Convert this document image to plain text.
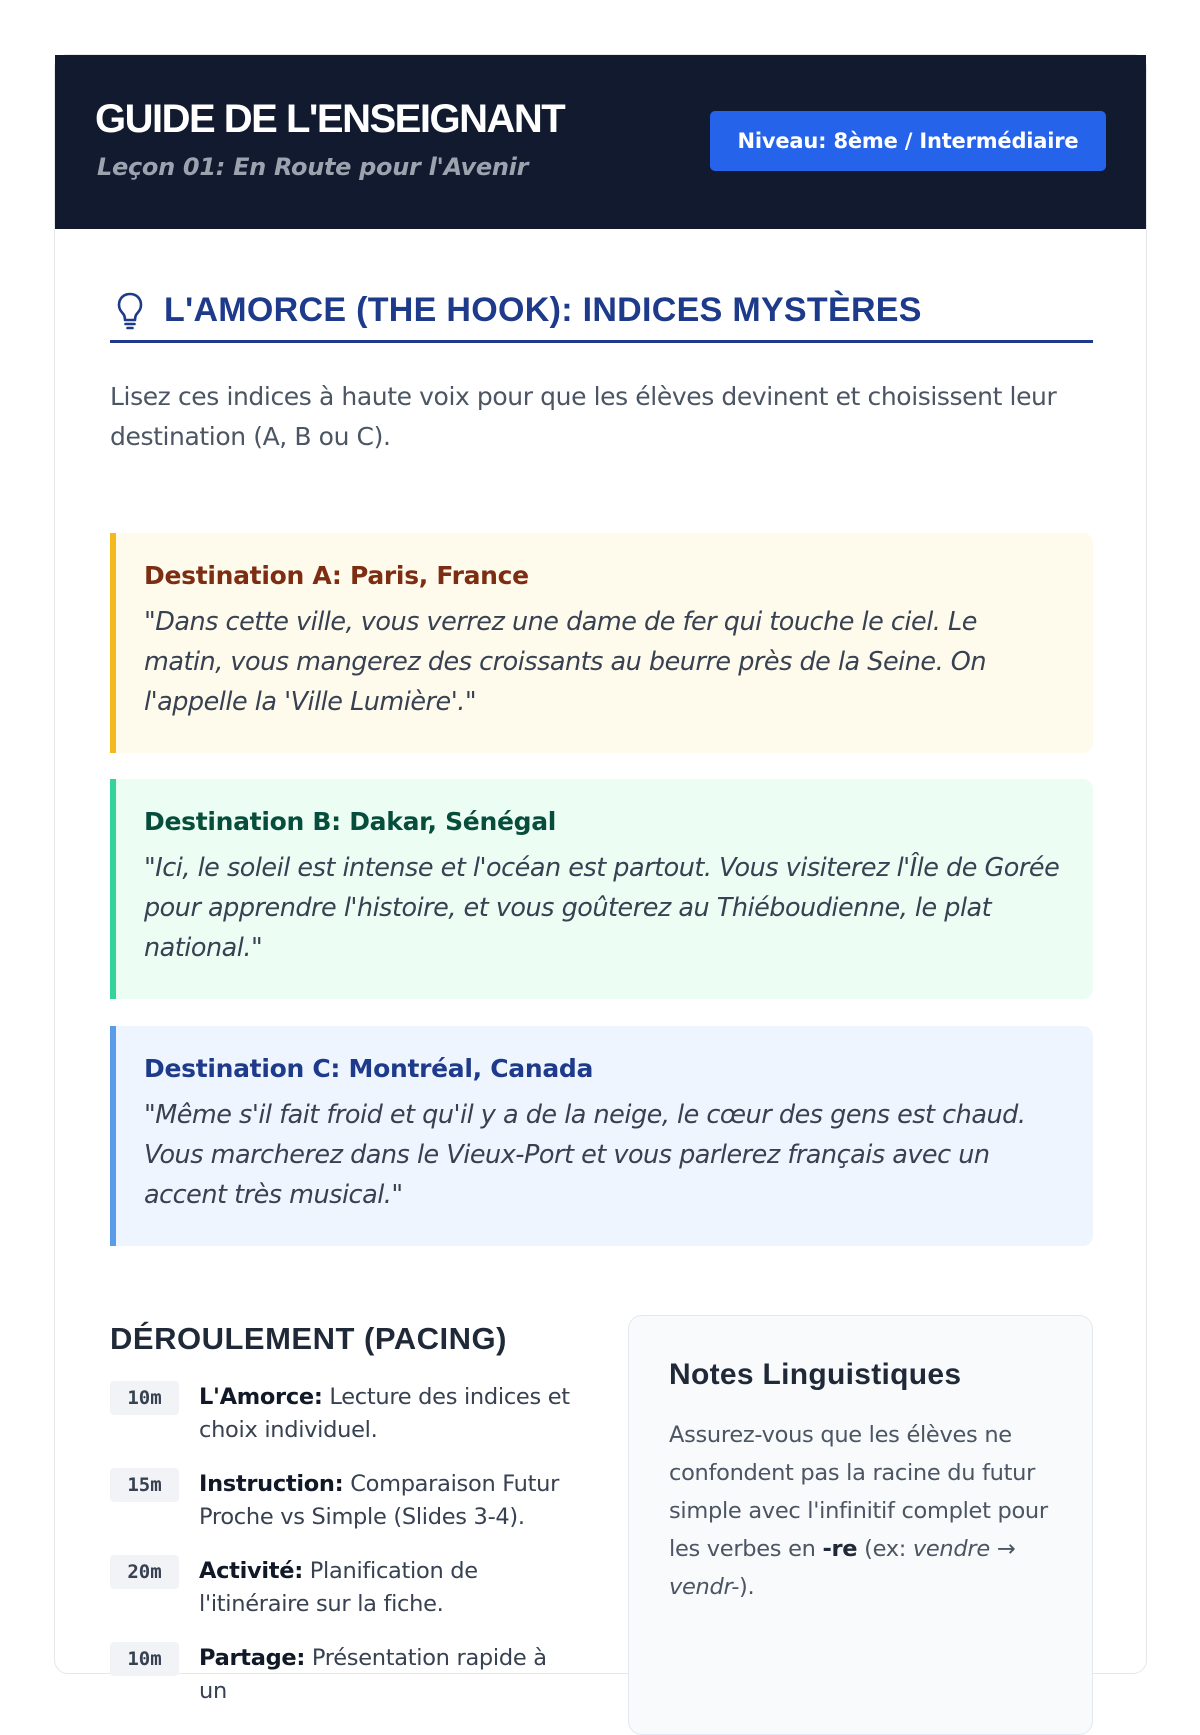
GUIDE DE L'ENSEIGNANT
Leçon 01: En Route pour l'Avenir
Niveau: 8ème / Intermédiaire
L'AMORCE (THE HOOK): INDICES MYSTÈRES
Lisez ces indices à haute voix pour que les élèves devinent et choisissent leur destination (A, B ou C).
Destination A: Paris, France
"Dans cette ville, vous verrez une dame de fer qui touche le ciel. Le matin, vous mangerez des croissants au beurre près de la Seine. On l'appelle la 'Ville Lumière'."
Destination B: Dakar, Sénégal
"Ici, le soleil est intense et l'océan est partout. Vous visiterez l'Île de Gorée pour apprendre l'histoire, et vous goûterez au Thiéboudienne, le plat national."
Destination C: Montréal, Canada
"Même s'il fait froid et qu'il y a de la neige, le cœur des gens est chaud. Vous marcherez dans le Vieux-Port et vous parlerez français avec un accent très musical."
DÉROULEMENT (PACING)
10m	L'Amorce: Lecture des indices et choix individuel.
15m	Instruction: Comparaison Futur Proche vs Simple (Slides 3-4).
20m	Activité: Planification de l'itinéraire sur la fiche.
10m	Partage: Présentation rapide à un
Notes Linguistiques
Assurez-vous que les élèves ne confondent pas la racine du futur simple avec l'infinitif complet pour les verbes en -re (ex: vendre → vendr-).
